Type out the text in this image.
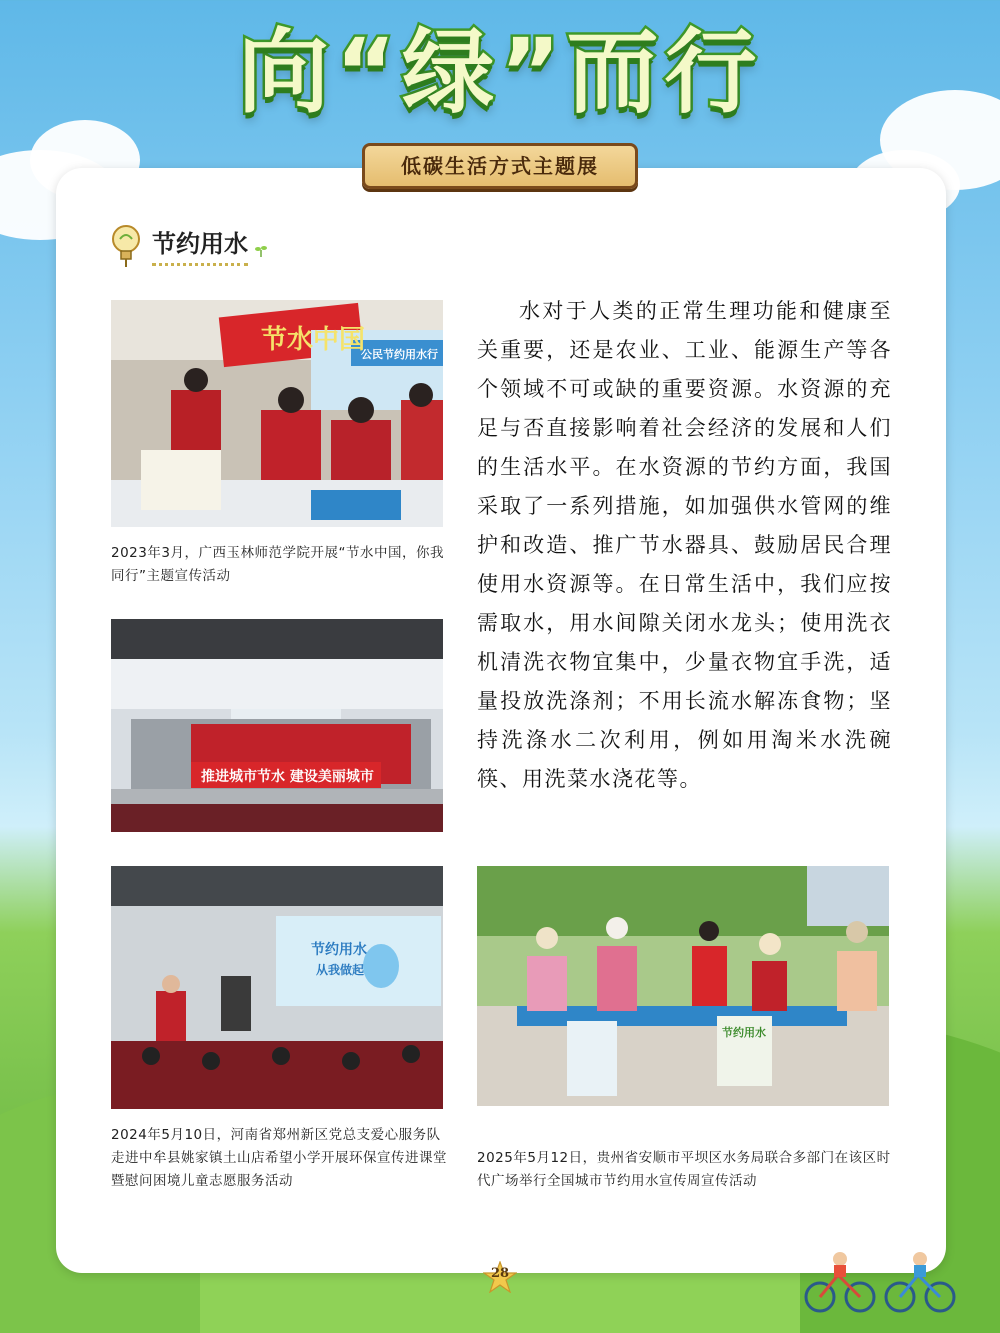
向“绿”而行
低碳生活方式主题展
节约用水
节水中国
公民节约用水行
2023年3月，广西玉林师范学院开展“节水中国，你我同行”主题宣传活动
推进城市节水 建设美丽城市
节约用水
从我做起
2024年5月10日，河南省郑州新区党总支爱心服务队走进中牟县姚家镇土山店希望小学开展环保宣传进课堂暨慰问困境儿童志愿服务活动
节约用水
2025年5月12日，贵州省安顺市平坝区水务局联合多部门在该区时代广场举行全国城市节约用水宣传周宣传活动
水对于人类的正常生理功能和健康至关重要，还是农业、工业、能源生产等各个领域不可或缺的重要资源。水资源的充足与否直接影响着社会经济的发展和人们的生活水平。在水资源的节约方面，我国采取了一系列措施，如加强供水管网的维护和改造、推广节水器具、鼓励居民合理使用水资源等。在日常生活中，我们应按需取水，用水间隙关闭水龙头；使用洗衣机清洗衣物宜集中，少量衣物宜手洗，适量投放洗涤剂；不用长流水解冻食物；坚持洗涤水二次利用，例如用淘米水洗碗筷、用洗菜水浇花等。
28
